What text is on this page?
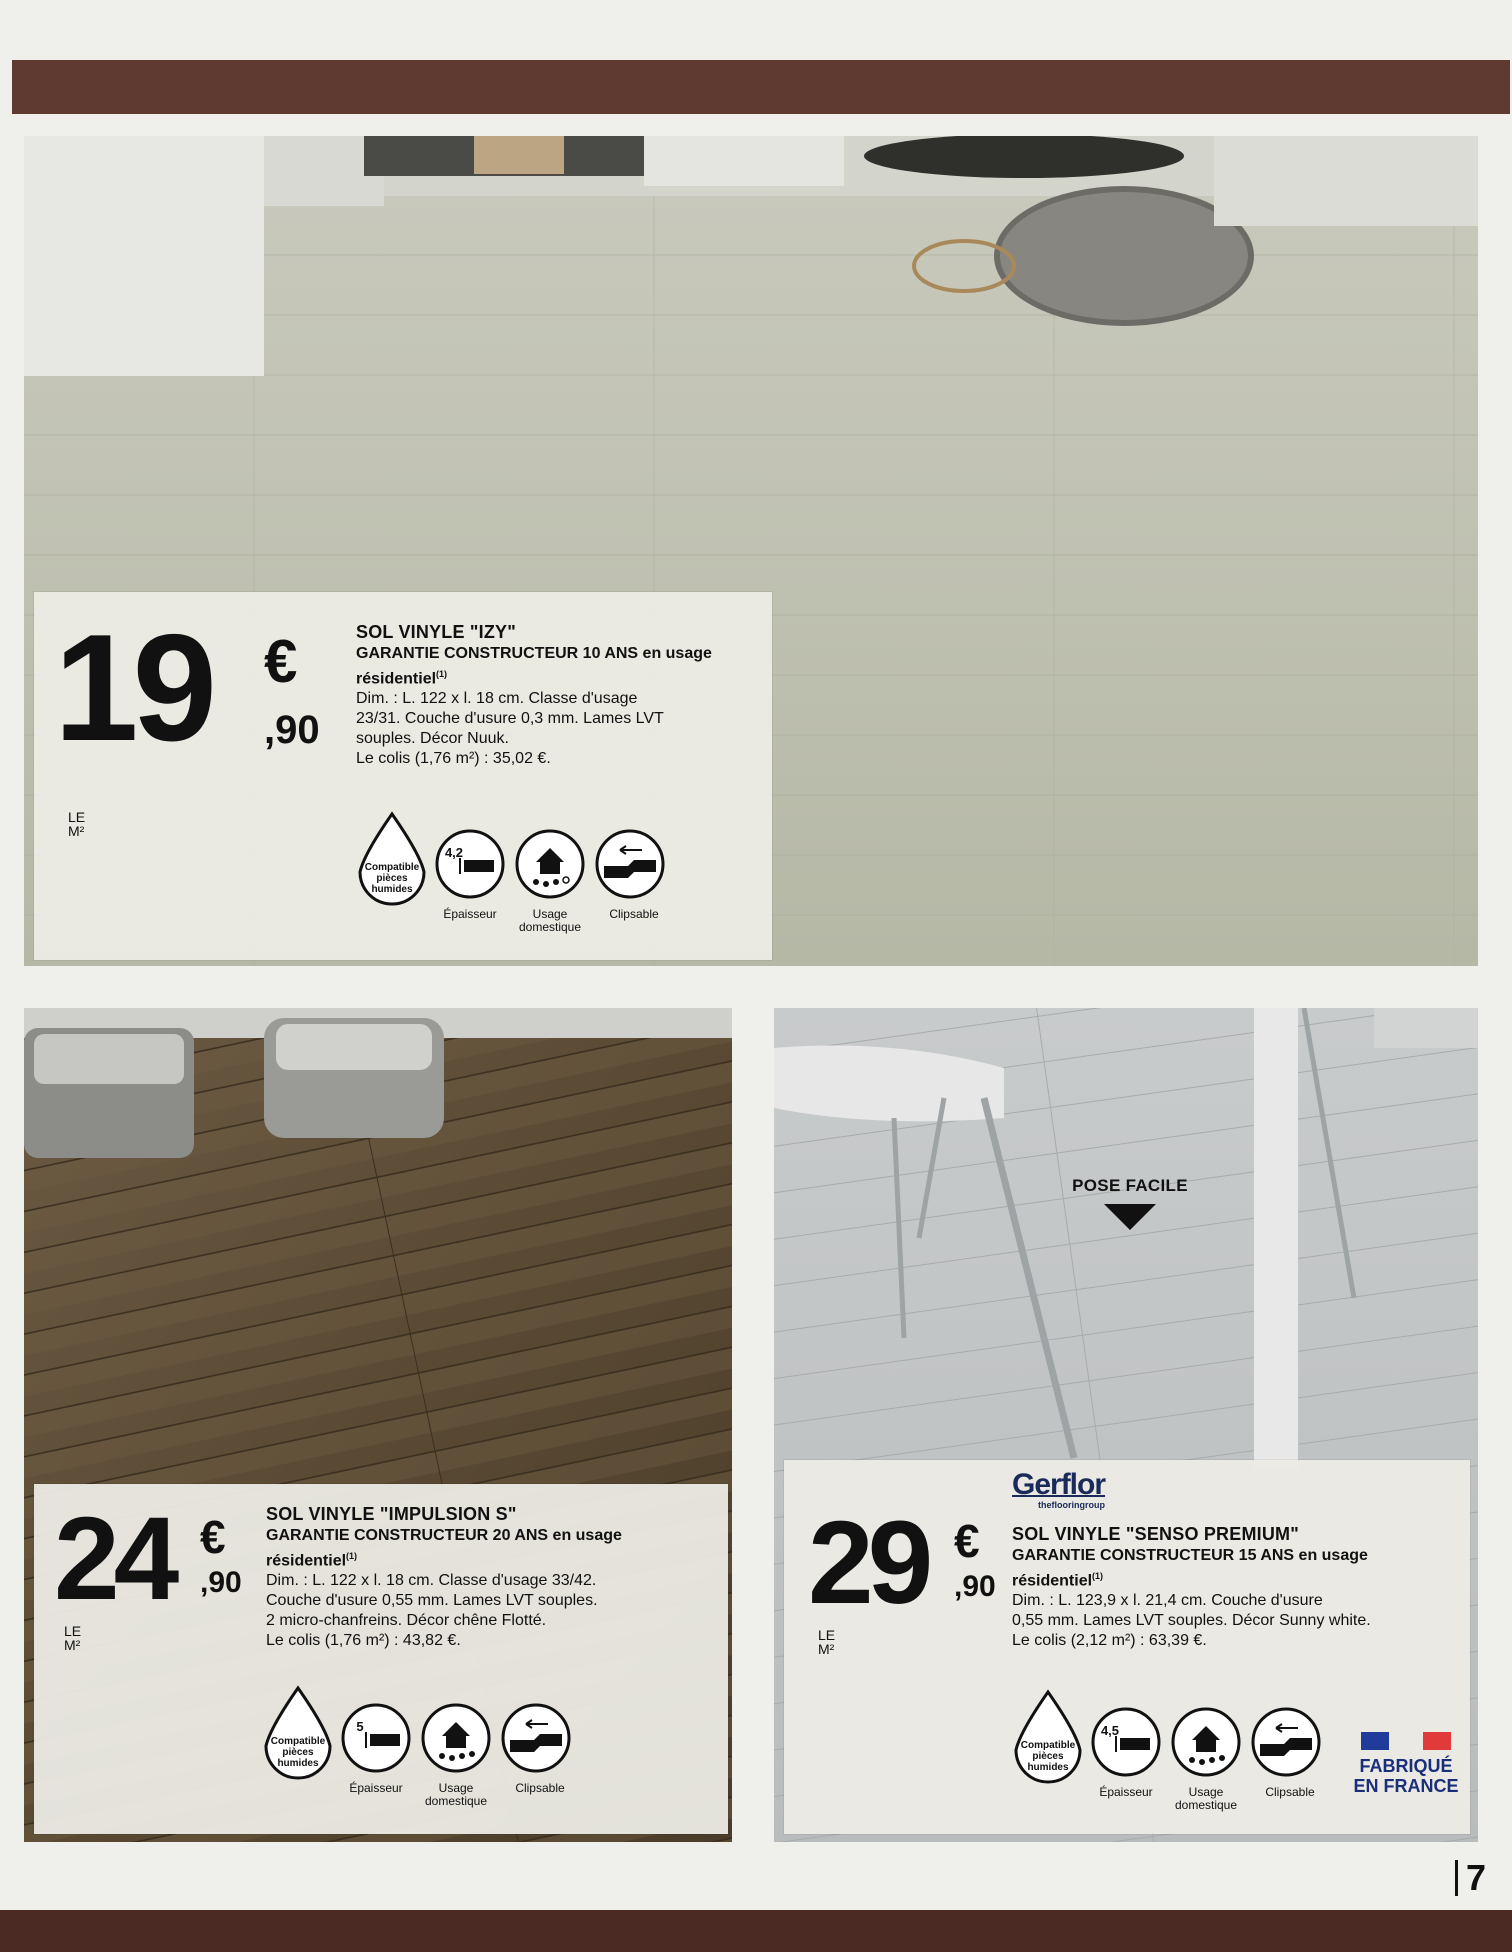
19 €
,90
LE M²
SOL VINYLE "IZY"
GARANTIE CONSTRUCTEUR 10 ANS en usage résidentiel$^{(1)}$
Dim. : L. 122 x l. 18 cm. Classe d'usage
23/31. Couche d'usure 0,3 mm. Lames LVT
souples. Décor Nuuk.
Le colis (1,76 m²) : 35,02 €.
Compatible
pièces
humides
4,2
Épaisseur	Usage domestique
Clipsable
24 €
,90
LE M²
SOL VINYLE "IMPULSION S"
GARANTIE CONSTRUCTEUR 20 ANS en usage résidentiel$^{(1)}$
Dim. : L. 122 x l. 18 cm. Classe d'usage 33/42.
Couche d'usure 0,55 mm. Lames LVT souples.
2 micro-chanfreins. Décor chêne Flotté.
Le colis (1,76 m²) : 43,82 €.
Compatible
pièces
humides
5
Épaisseur	Usage domestique
Clipsable
POSE FACILE
29 €
,90
LE M²
SOL VINYLE "SENSO PREMIUM"
GARANTIE CONSTRUCTEUR 15 ANS en usage résidentiel$^{(1)}$
Dim. : L. 123,9 x l. 21,4 cm. Couche d'usure
0,55 mm. Lames LVT souples. Décor Sunny white.
Le colis (2,12 m²) : 63,39 €.
Compatible
pièces
humides
4,5
Épaisseur	Usage domestique
Clipsable
Gerflor
theflooringroup
FABRIQUÉ
EN FRANCE
7
